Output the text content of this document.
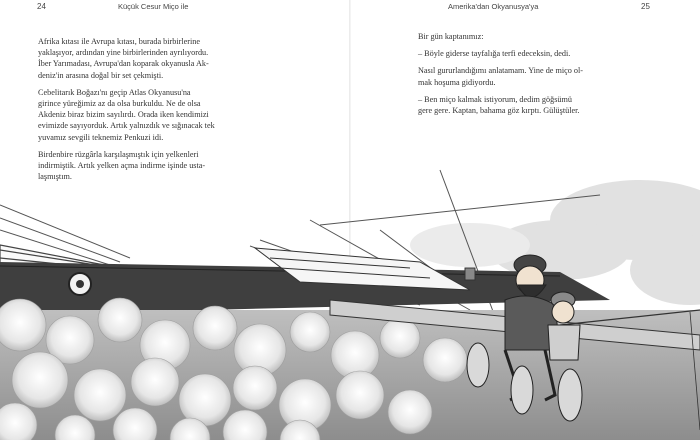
24	Küçük Cesur Miço ile	Amerika'dan Okyanusya'ya	25

Afrika kıtası ile Avrupa kıtası, burada birbirlerine
yaklaşıyor, ardından yine birbirlerinden ayrılıyordu.
İber Yarımadası, Avrupa'dan koparak okyanusla Ak-
deniz'in arasına doğal bir set çekmişti.

Cebelitarık Boğazı'nı geçip Atlas Okyanusu'na
girince yüreğimiz az da olsa burkuldu. Ne de olsa
Akdeniz biraz bizim sayılırdı. Orada iken kendimizi
evimizde sayıyorduk. Artık yalnızdık ve sığınacak tek
yuvamız sevgili teknemiz Penkuzi idi.

Birdenbire rüzgârla karşılaşmıştık için yelkenleri
indirmiştik. Artık yelken açma indirme işinde usta-
laşmıştım.

Bir gün kaptanımız:

– Böyle giderse tayfalığa terfi edeceksin, dedi.

Nasıl gururlandığımı anlatamam. Yine de miço ol-
mak hoşuma gidiyordu.

– Ben miço kalmak istiyorum, dedim göğsümü
gere gere. Kaptan, bahama göz kırptı. Gülüştüler.
